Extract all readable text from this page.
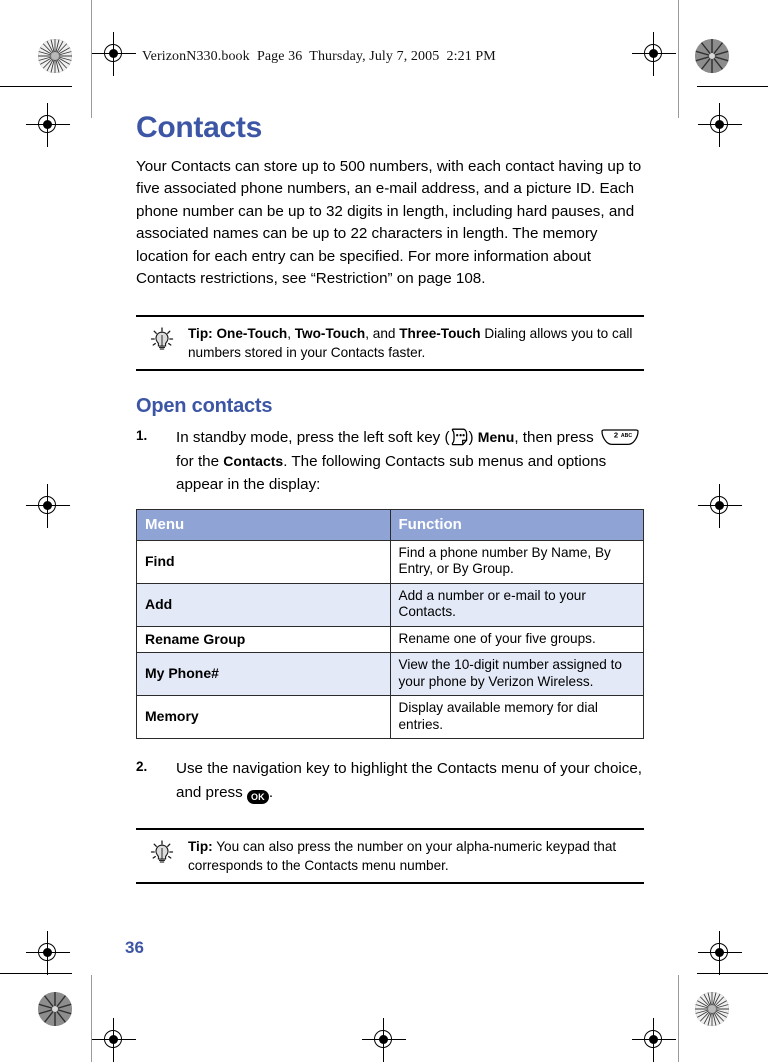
VerizonN330.book  Page 36  Thursday, July 7, 2005  2:21 PM
Contacts

Your Contacts can store up to 500 numbers, with each contact having up to five associated phone numbers, an e-mail address, and a picture ID. Each phone number can be up to 32 digits in length, including hard pauses, and associated names can be up to 22 characters in length. The memory location for each entry can be specified. For more information about Contacts restrictions, see “Restriction” on page 108.

Tip: One-Touch, Two-Touch, and Three-Touch Dialing allows you to call numbers stored in your Contacts faster.
Open contacts
1.	In standby mode, press the left soft key ( ) Menu, then press 2 ABC
for the Contacts. The following Contacts sub menus and options appear in the display:
Menu	Function
Find	Find a phone number By Name, By Entry, or By Group.
Add	Add a number or e-mail to your Contacts.
Rename Group	Rename one of your five groups.
My Phone#	View the 10-digit number assigned to your phone by Verizon Wireless.
Memory	Display available memory for dial entries.
2.	Use the navigation key to highlight the Contacts menu of your choice, and press OK .
Tip: You can also press the number on your alpha-numeric keypad that corresponds to the Contacts menu number.
36
